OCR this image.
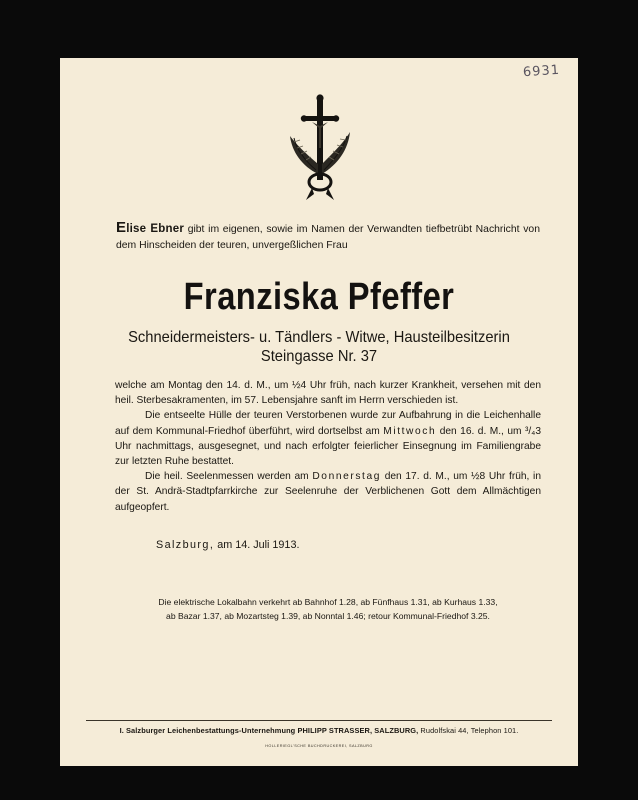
6931
Elise Ebner gibt im eigenen, sowie im Namen der Verwandten tiefbetrübt Nachricht von dem Hinscheiden der teuren, unvergeßlichen Frau
Franziska Pfeffer
Schneidermeisters- u. Tändlers - Witwe, Hausteilbesitzerin
Steingasse Nr. 37

welche am Montag den 14. d. M., um ½4 Uhr früh, nach kurzer Krankheit, versehen mit den heil. Sterbesakramenten, im 57. Lebensjahre sanft im Herrn verschieden ist.

Die entseelte Hülle der teuren Verstorbenen wurde zur Aufbahrung in die Leichenhalle auf dem Kommunal-Friedhof überführt, wird dortselbst am Mittwoch den 16. d. M., um ³/₄3 Uhr nachmittags, ausgesegnet, und nach erfolgter feierlicher Einsegnung im Familiengrabe zur letzten Ruhe bestattet.

Die heil. Seelenmessen werden am Donnerstag den 17. d. M., um ½8 Uhr früh, in der St. Andrä-Stadtpfarrkirche zur Seelenruhe der Verblichenen Gott dem Allmächtigen aufgeopfert.

Salzburg, am 14. Juli 1913.
Die elektrische Lokalbahn verkehrt ab Bahnhof 1.28, ab Fünfhaus 1.31, ab Kurhaus 1.33,
ab Bazar 1.37, ab Mozartsteg 1.39, ab Nonntal 1.46; retour Kommunal-Friedhof 3.25.
I. Salzburger Leichenbestattungs-Unternehmung PHILIPP STRASSER, SALZBURG, Rudolfskai 44, Telephon 101.
HOLLERIEGL'SCHE BUCHDRUCKEREI, SALZBURG
